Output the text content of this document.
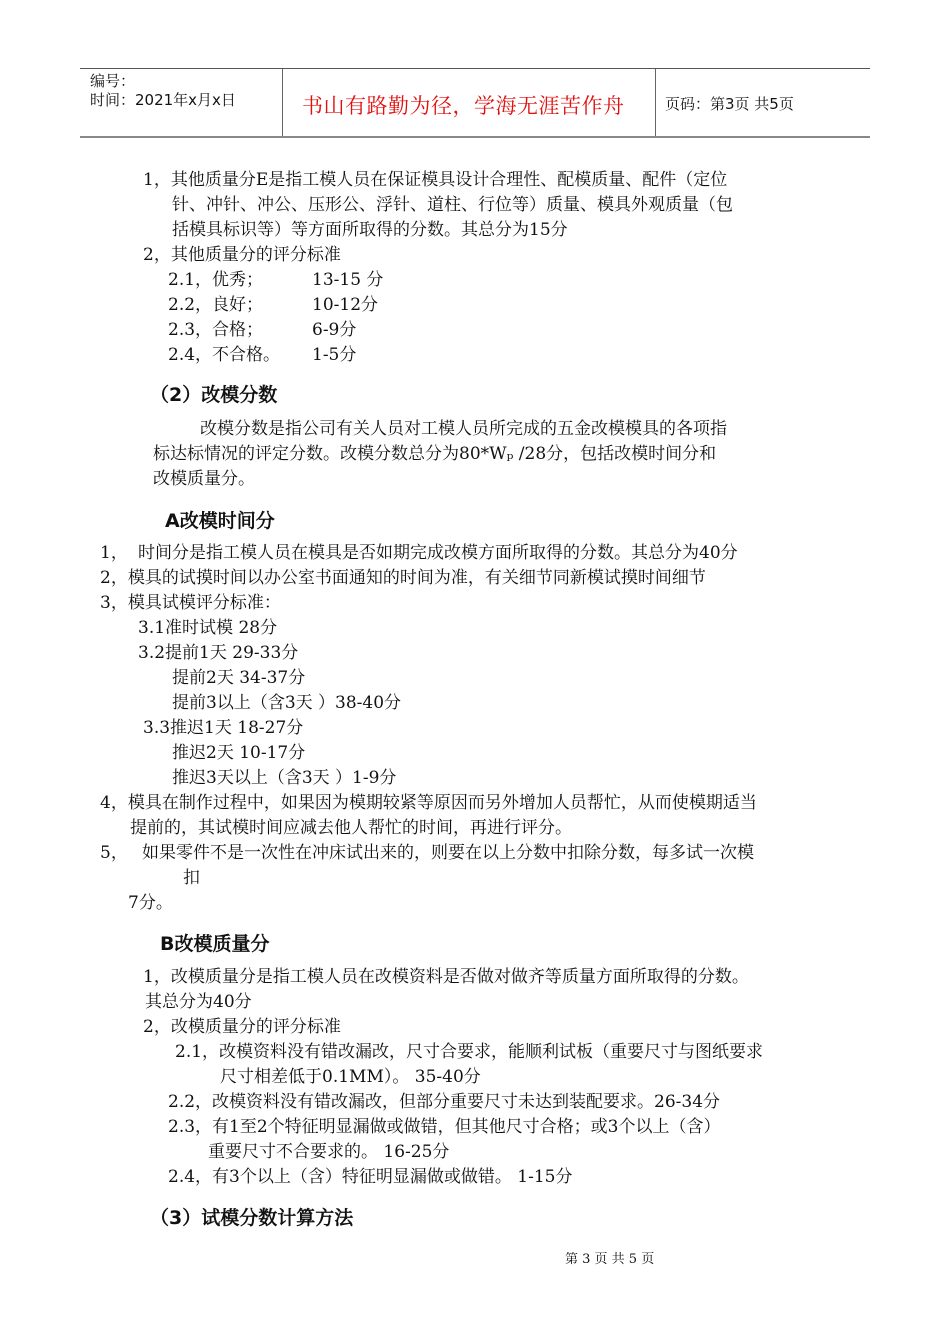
编号：
时间：2021年x月x日	书山有路勤为径，学海无涯苦作舟	页码：第3页 共5页
1，其他质量分E是指工模人员在保证模具设计合理性、配模质量、配件（定位
针、冲针、冲公、压形公、浮针、道柱、行位等）质量、模具外观质量（包
括模具标识等）等方面所取得的分数。其总分为15分
2，其他质量分的评分标准
2.1，优秀；	13-15 分
2.2，良好；	10-12分
2.3，合格；	6-9分
2.4，不合格。 1-5分
（2）改模分数
改模分数是指公司有关人员对工模人员所完成的五金改模模具的各项指
标达标情况的评定分数。改模分数总分为80*Wₚ /28分，包括改模时间分和
改模质量分。
A改模时间分
1， 时间分是指工模人员在模具是否如期完成改模方面所取得的分数。其总分为40分
2，模具的试摸时间以办公室书面通知的时间为准，有关细节同新模试摸时间细节
3，模具试模评分标准：
3.1准时试模 28分
3.2提前1天 29-33分
提前2天 34-37分
提前3以上（含3天 ）38-40分
3.3推迟1天 18-27分
推迟2天 10-17分
推迟3天以上（含3天 ）1-9分
4，模具在制作过程中，如果因为模期较紧等原因而另外增加人员帮忙，从而使模期适当
提前的，其试模时间应减去他人帮忙的时间，再进行评分。
5， 如果零件不是一次性在冲床试出来的，则要在以上分数中扣除分数，每多试一次模
扣
7分。
B改模质量分
1，改模质量分是指工模人员在改模资料是否做对做齐等质量方面所取得的分数。
其总分为40分
2，改模质量分的评分标准
2.1，改模资料没有错改漏改，尺寸合要求，能顺利试板（重要尺寸与图纸要求
尺寸相差低于0.1MM）。 35-40分
2.2，改模资料没有错改漏改，但部分重要尺寸未达到装配要求。26-34分
2.3，有1至2个特征明显漏做或做错，但其他尺寸合格；或3个以上（含）
重要尺寸不合要求的。 16-25分
2.4，有3个以上（含）特征明显漏做或做错。 1-15分
（3）试模分数计算方法
第 3 页 共 5 页
